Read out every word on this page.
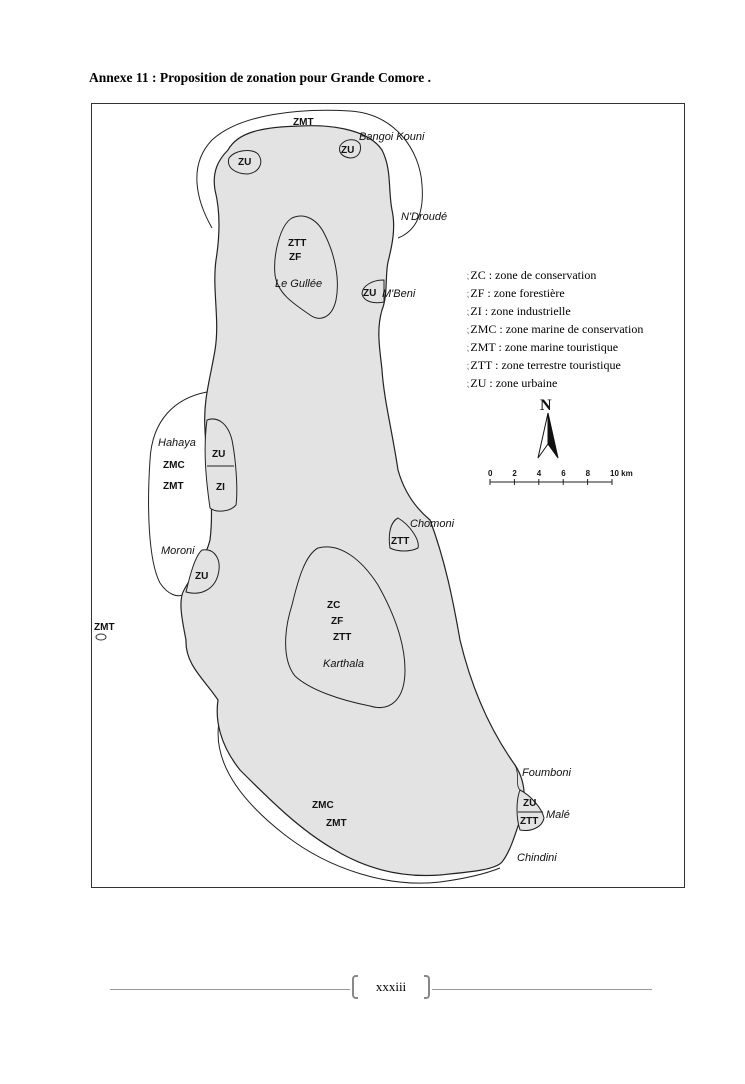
Annexe 11 : Proposition de zonation pour Grande Comore .
Bangoi Kouni
N'Droudé
M'Beni
Le Gullée
Hahaya
Moroni
Chomoni
Karthala
Foumboni
Malé
Chindini
ZMT
ZU
ZU
ZTT
ZF
ZU
ZU
ZMC
ZMT	ZI
ZU
ZTT
ZMT
ZC
ZF
ZTT
ZU
ZTT
ZMC
ZMT
N
0 2 4 6 8 10 km
⁏ZC : zone de conservation
⁏ZF : zone forestière
⁏ZI : zone industrielle
⁏ZMC : zone marine de conservation
⁏ZMT : zone marine touristique
⁏ZTT : zone terrestre touristique
⁏ZU : zone urbaine
xxxiii
